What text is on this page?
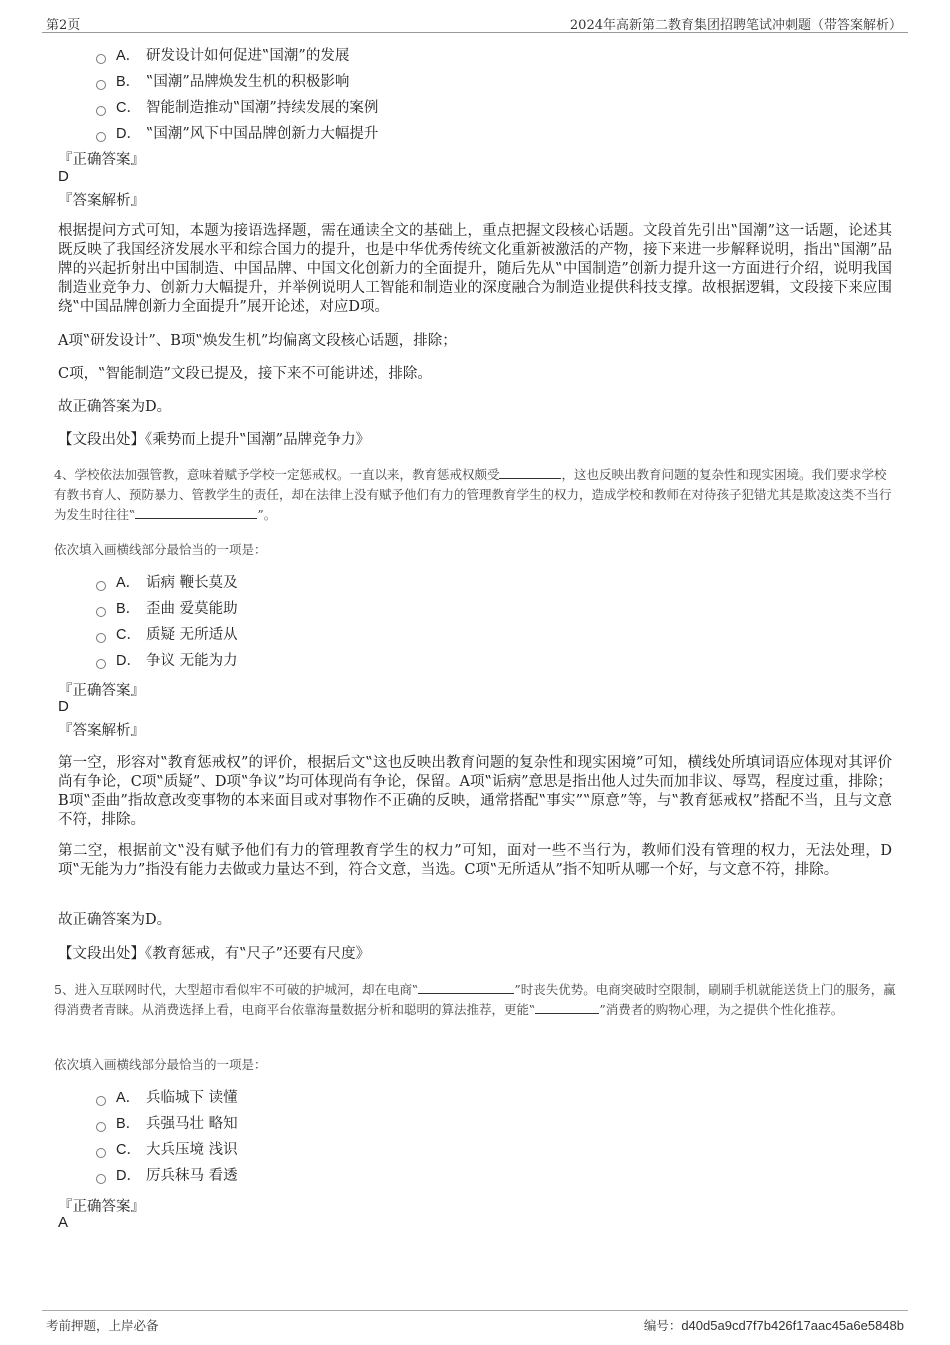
第2页	2024年高新第二教育集团招聘笔试冲刺题（带答案解析）
A． 研发设计如何促进‟国潮”的发展
B． ‟国潮”品牌焕发生机的积极影响
C． 智能制造推动‟国潮”持续发展的案例
D． ‟国潮”风下中国品牌创新力大幅提升
『正确答案』
D
『答案解析』

根据提问方式可知，本题为接语选择题，需在通读全文的基础上，重点把握文段核心话题。文段首先引出‟国潮”这一话题，论述其既反映了我国经济发展水平和综合国力的提升，也是中华优秀传统文化重新被激活的产物，接下来进一步解释说明，指出‟国潮”品牌的兴起折射出中国制造、中国品牌、中国文化创新力的全面提升，随后先从‟中国制造”创新力提升这一方面进行介绍，说明我国制造业竞争力、创新力大幅提升，并举例说明人工智能和制造业的深度融合为制造业提供科技支撑。故根据逻辑，文段接下来应围绕‟中国品牌创新力全面提升”展开论述，对应D项。

A项‟研发设计”、B项‟焕发生机”均偏离文段核心话题，排除；

C项，‟智能制造”文段已提及，接下来不可能讲述，排除。

故正确答案为D。

【文段出处】《乘势而上提升‟国潮”品牌竞争力》

4、学校依法加强管教，意味着赋予学校一定惩戒权。一直以来，教育惩戒权颇受	，这也反映出教育问题的复杂性和现实困境。我们要求学校有教书育人、预防暴力、管教学生的责任，却在法律上没有赋予他们有力的管理教育学生的权力，造成学校和教师在对待孩子犯错尤其是欺凌这类不当行为发生时往往‟	”。

依次填入画横线部分最恰当的一项是：
A． 诟病 鞭长莫及
B． 歪曲 爱莫能助
C． 质疑 无所适从
D． 争议 无能为力
『正确答案』
D
『答案解析』

第一空，形容对‟教育惩戒权”的评价，根据后文‟这也反映出教育问题的复杂性和现实困境”可知，横线处所填词语应体现对其评价尚有争论，C项‟质疑”、D项‟争议”均可体现尚有争论，保留。A项‟诟病”意思是指出他人过失而加非议、辱骂，程度过重，排除；B项‟歪曲”指故意改变事物的本来面目或对事物作不正确的反映，通常搭配‟事实”‟原意”等，与‟教育惩戒权”搭配不当，且与文意不符，排除。

第二空，根据前文‟没有赋予他们有力的管理教育学生的权力”可知，面对一些不当行为，教师们没有管理的权力，无法处理，D项‟无能为力”指没有能力去做或力量达不到，符合文意，当选。C项‟无所适从”指不知听从哪一个好，与文意不符，排除。

故正确答案为D。

【文段出处】《教育惩戒，有‟尺子”还要有尺度》

5、进入互联网时代，大型超市看似牢不可破的护城河，却在电商‟	”时丧失优势。电商突破时空限制，刷刷手机就能送货上门的服务，赢得消费者青睐。从消费选择上看，电商平台依靠海量数据分析和聪明的算法推荐，更能‟	”消费者的购物心理，为之提供个性化推荐。

依次填入画横线部分最恰当的一项是：
A． 兵临城下 读懂
B． 兵强马壮 略知
C． 大兵压境 浅识
D． 厉兵秣马 看透
『正确答案』
A
考前押题，上岸必备	编号：d40d5a9cd7f7b426f17aac45a6e5848b
